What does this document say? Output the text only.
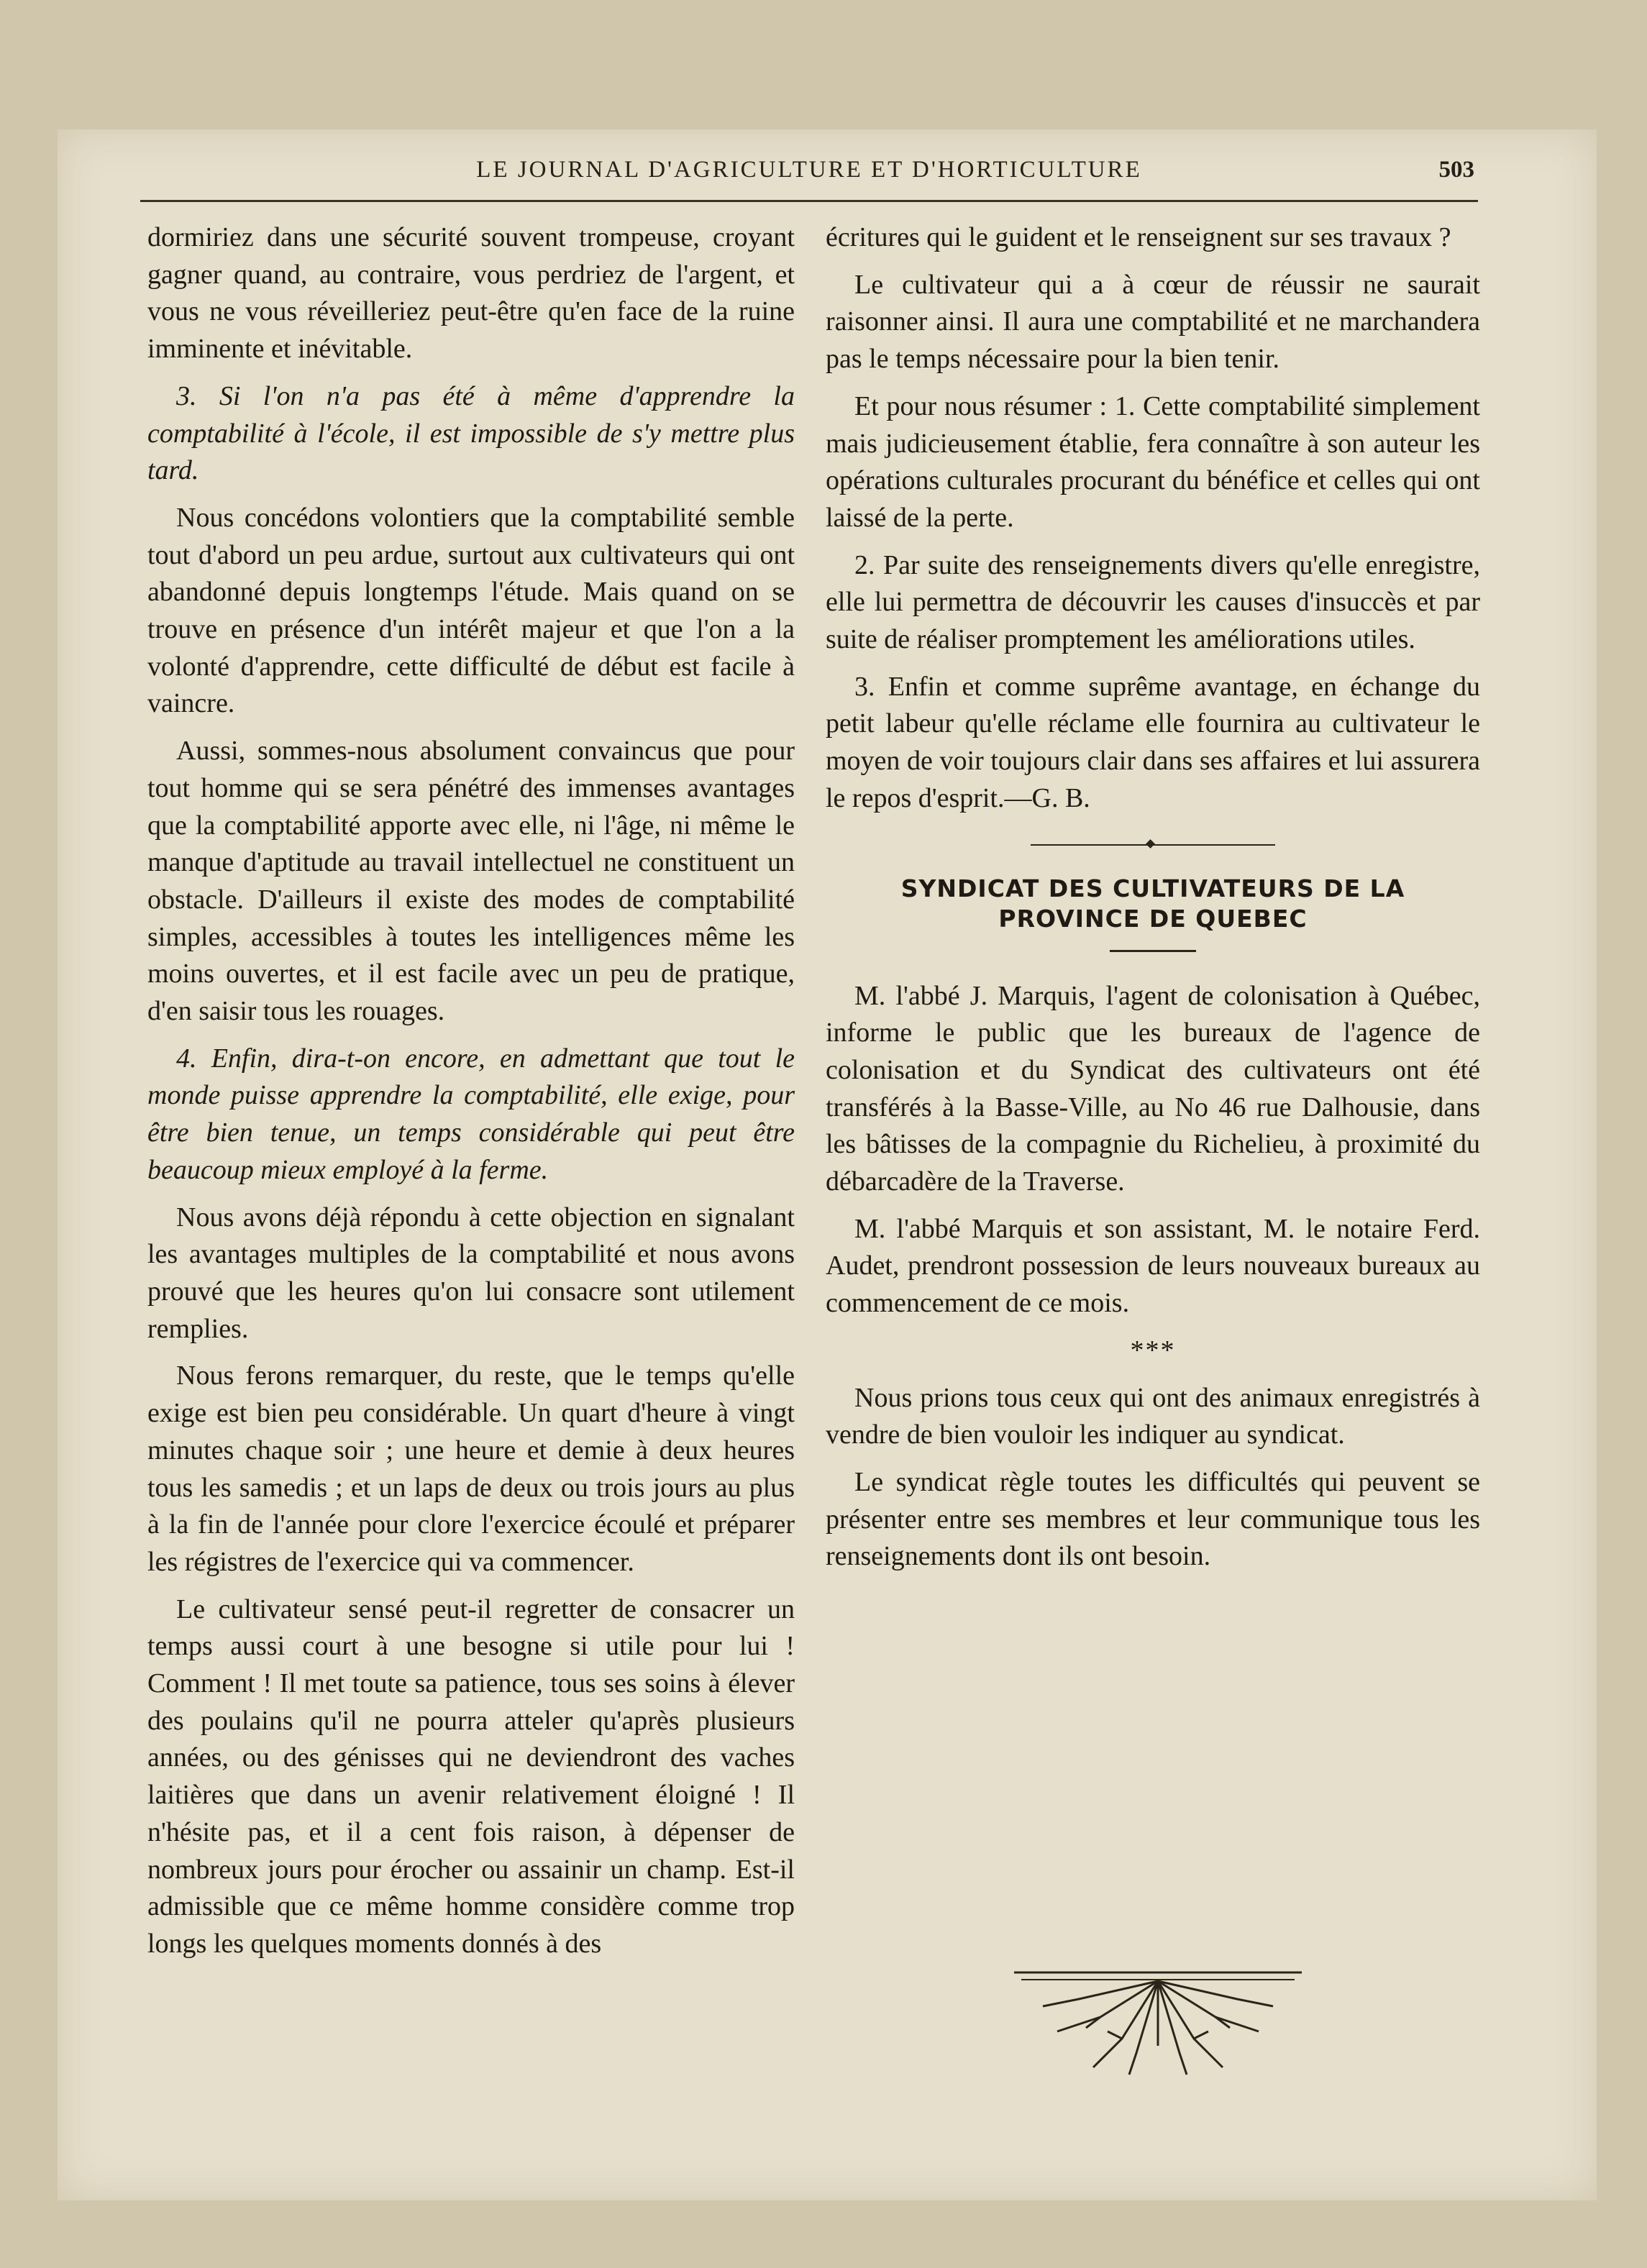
LE JOURNAL D'AGRICULTURE ET D'HORTICULTURE	503

dormiriez dans une sécurité souvent trompeuse, croyant gagner quand, au contraire, vous perdriez de l'argent, et vous ne vous réveilleriez peut-être qu'en face de la ruine imminente et inévitable.

3. Si l'on n'a pas été à même d'apprendre la comptabilité à l'école, il est impossible de s'y mettre plus tard.

Nous concédons volontiers que la comptabilité semble tout d'abord un peu ardue, surtout aux cultivateurs qui ont abandonné depuis longtemps l'étude. Mais quand on se trouve en présence d'un intérêt majeur et que l'on a la volonté d'apprendre, cette difficulté de début est facile à vaincre.

Aussi, sommes-nous absolument convaincus que pour tout homme qui se sera pénétré des immenses avantages que la comptabilité apporte avec elle, ni l'âge, ni même le manque d'aptitude au travail intellectuel ne constituent un obstacle. D'ailleurs il existe des modes de comptabilité simples, accessibles à toutes les intelligences même les moins ouvertes, et il est facile avec un peu de pratique, d'en saisir tous les rouages.

4. Enfin, dira-t-on encore, en admettant que tout le monde puisse apprendre la comptabilité, elle exige, pour être bien tenue, un temps considérable qui peut être beaucoup mieux employé à la ferme.

Nous avons déjà répondu à cette objection en signalant les avantages multiples de la comptabilité et nous avons prouvé que les heures qu'on lui consacre sont utilement remplies.

Nous ferons remarquer, du reste, que le temps qu'elle exige est bien peu considérable. Un quart d'heure à vingt minutes chaque soir ; une heure et demie à deux heures tous les samedis ; et un laps de deux ou trois jours au plus à la fin de l'année pour clore l'exercice écoulé et préparer les régistres de l'exercice qui va commencer.

Le cultivateur sensé peut-il regretter de consacrer un temps aussi court à une besogne si utile pour lui ! Comment ! Il met toute sa patience, tous ses soins à élever des poulains qu'il ne pourra atteler qu'après plusieurs années, ou des génisses qui ne deviendront des vaches laitières que dans un avenir relativement éloigné ! Il n'hésite pas, et il a cent fois raison, à dépenser de nombreux jours pour érocher ou assainir un champ. Est-il admissible que ce même homme considère comme trop longs les quelques moments donnés à des

écritures qui le guident et le renseignent sur ses travaux ?

Le cultivateur qui a à cœur de réussir ne saurait raisonner ainsi. Il aura une comptabilité et ne marchandera pas le temps nécessaire pour la bien tenir.

Et pour nous résumer : 1. Cette comptabilité simplement mais judicieusement établie, fera connaître à son auteur les opérations culturales procurant du bénéfice et celles qui ont laissé de la perte.

2. Par suite des renseignements divers qu'elle enregistre, elle lui permettra de découvrir les causes d'insuccès et par suite de réaliser promptement les améliorations utiles.

3. Enfin et comme suprême avantage, en échange du petit labeur qu'elle réclame elle fournira au cultivateur le moyen de voir toujours clair dans ses affaires et lui assurera le repos d'esprit.—G. B.

SYNDICAT DES CULTIVATEURS DE LA
PROVINCE DE QUEBEC

M. l'abbé J. Marquis, l'agent de colonisation à Québec, informe le public que les bureaux de l'agence de colonisation et du Syndicat des cultivateurs ont été transférés à la Basse-Ville, au No 46 rue Dalhousie, dans les bâtisses de la compagnie du Richelieu, à proximité du débarcadère de la Traverse.

M. l'abbé Marquis et son assistant, M. le notaire Ferd. Audet, prendront possession de leurs nouveaux bureaux au commencement de ce mois.

***

Nous prions tous ceux qui ont des animaux enregistrés à vendre de bien vouloir les indiquer au syndicat.

Le syndicat règle toutes les difficultés qui peuvent se présenter entre ses membres et leur communique tous les renseignements dont ils ont besoin.
